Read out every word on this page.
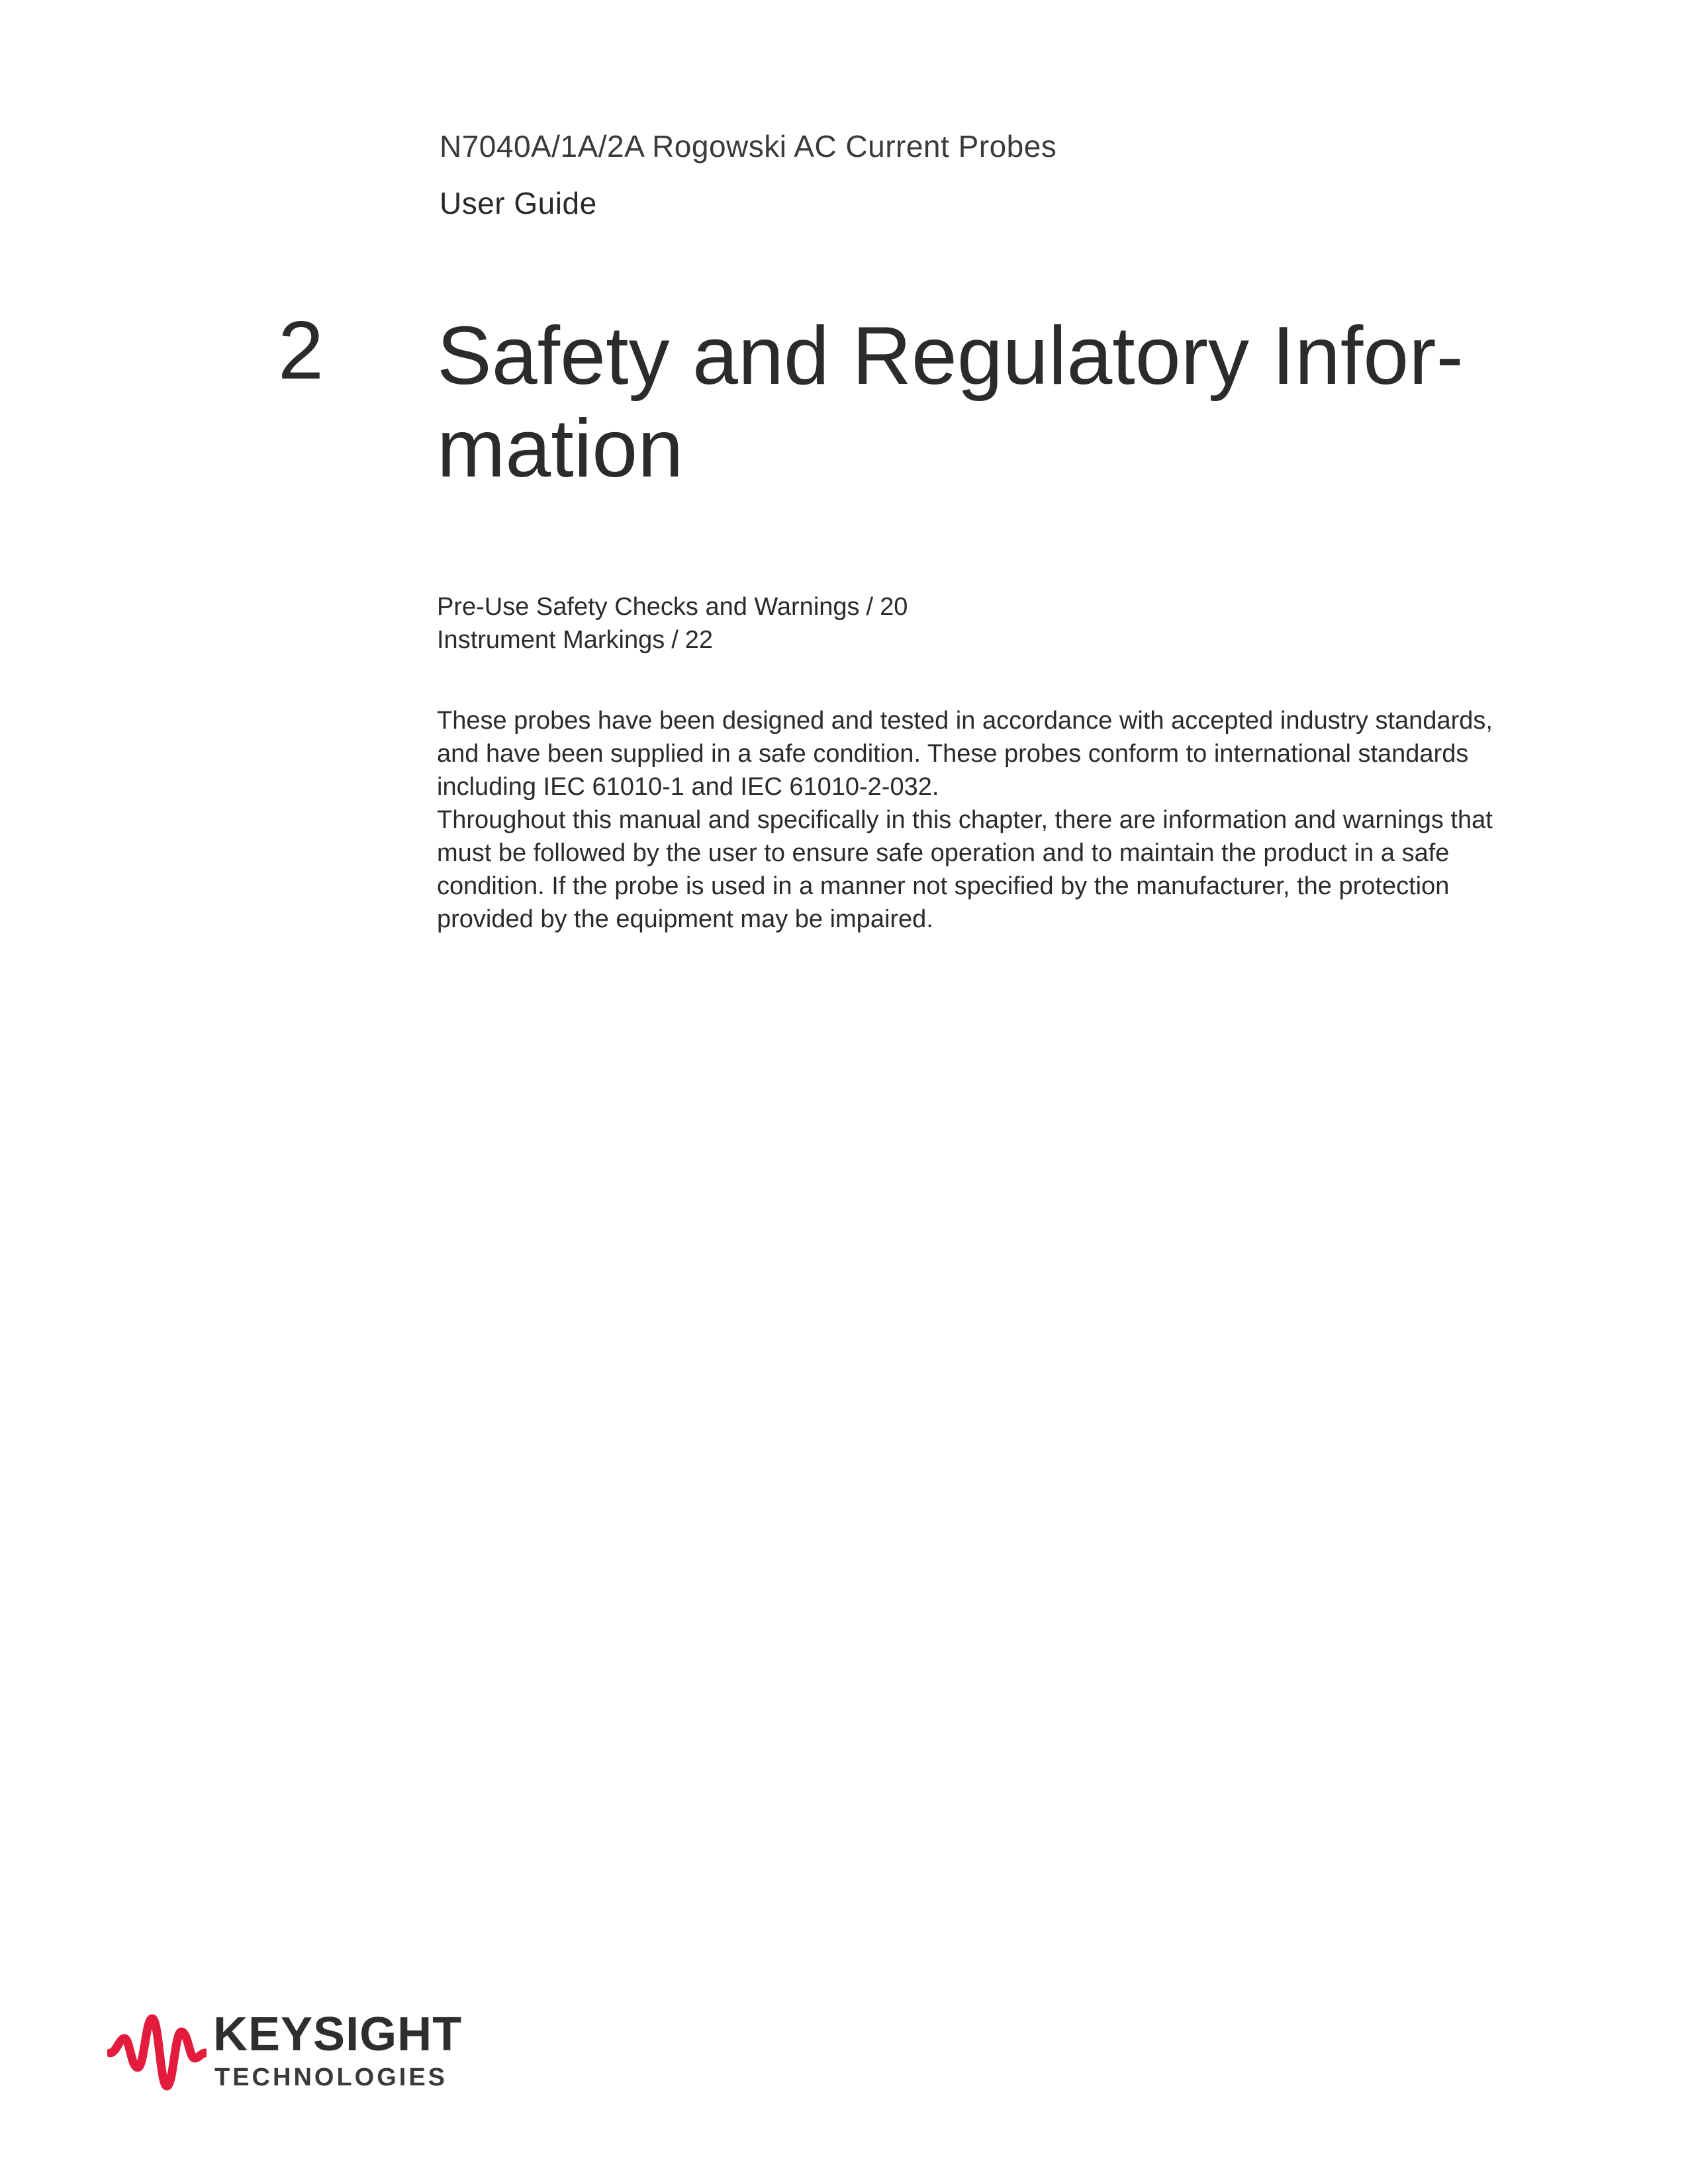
N7040A/1A/2A Rogowski AC Current Probes
User Guide
2 Safety and Regulatory Infor-
mation
Pre-Use Safety Checks and Warnings / 20
Instrument Markings / 22

These probes have been designed and tested in accordance with accepted industry standards, and have been supplied in a safe condition. These probes conform to international standards including IEC 61010-1 and IEC 61010-2-032.

Throughout this manual and specifically in this chapter, there are information and warnings that must be followed by the user to ensure safe operation and to maintain the product in a safe condition. If the probe is used in a manner not specified by the manufacturer, the protection provided by the equipment may be impaired.

KEYSIGHT
TECHNOLOGIES
